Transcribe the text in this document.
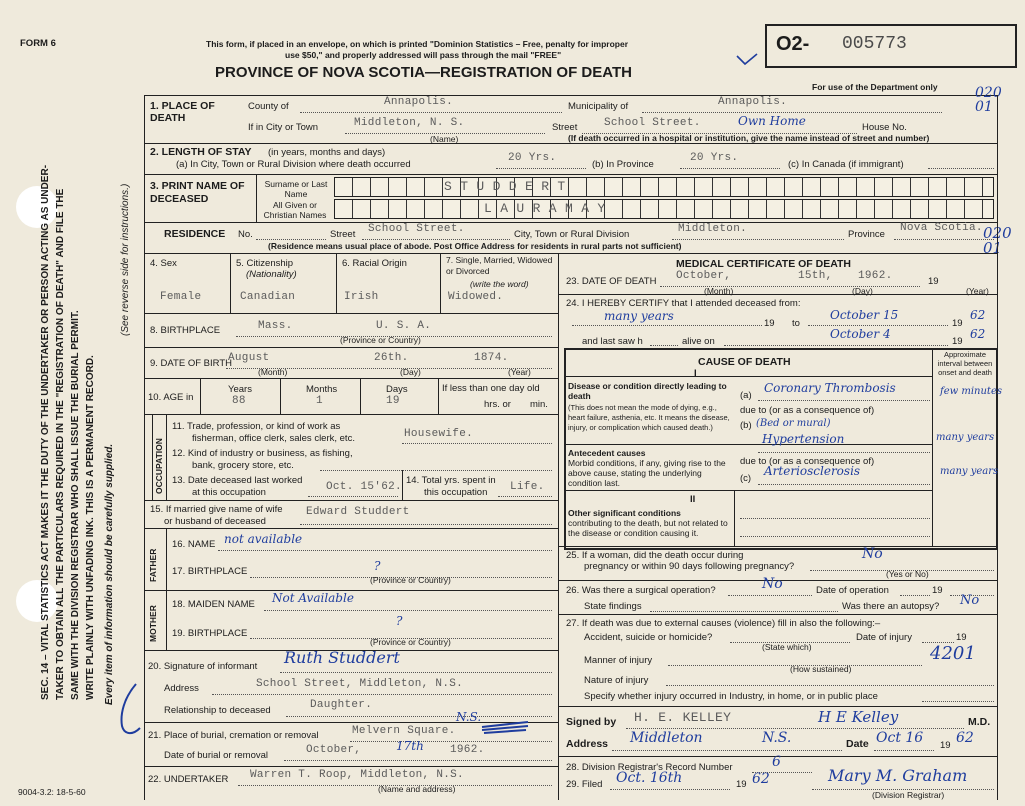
SEC. 14 – VITAL STATISTICS ACT MAKES IT THE DUTY OF THE UNDERTAKER OR PERSON ACTING AS UNDER- TAKER TO OBTAIN ALL THE PARTICULARS REQUIRED IN THE "REGISTRATION OF DEATH" AND FILE THE SAME WITH THE DIVISION REGISTRAR WHO SHALL ISSUE THE BURIAL PERMIT. WRITE PLAINLY WITH UNFADING INK. THIS IS A PERMANENT RECORD. Every item of information should be carefully supplied.
(See reverse side for instructions.)
FORM 6	This form, if placed in an envelope, on which is printed "Dominion Statistics – Free, penalty for improper
use $50," and properly addressed will pass through the mail "FREE"
PROVINCE OF NOVA SCOTIA—REGISTRATION OF DEATH
O2- 005773
For use of the Department only
1. PLACE OF DEATH
County of	Annapolis.	Municipality of	Annapolis.
020 01
If in City or Town	Middleton, N. S.
(Name)
Street School Street.	Own Home	House No.
(If death occurred in a hospital or institution, give the name instead of street and number)
2. LENGTH OF STAY (in years, months and days)
(a) In City, Town or Rural Division where death occurred
20 Yrs.
(b) In Province
20 Yrs.
(c) In Canada (if immigrant)
3. PRINT NAME OF DECEASED
Surname or Last Name
All Given or Christian Names
S T U D D E R T
L A U R A M A Y
RESIDENCE No.	Street School Street.	City, Town or Rural Division	Middleton.	Province
Nova Scotia.
(Residence means usual place of abode. Post Office Address for residents in rural parts not sufficient)
020 01
4. Sex
Female
5. Citizenship
(Nationality)
Canadian
6. Racial Origin
Irish
7. Single, Married, Widowed or Divorced
(write the word)
Widowed.
8. BIRTHPLACE	Mass.	U. S. A.
(Province or Country)
9. DATE OF BIRTH
August	26th.	1874.
(Month)	(Day)	(Year)
10. AGE in
Years	Months	Days
88	1	19
If less than one day old
hrs. or min.
OCCUPATION
11. Trade, profession, or kind of work as
fisherman, office clerk, sales clerk, etc.	Housewife.
12. Kind of industry or business, as fishing,
bank, grocery store, etc.
13. Date deceased last worked
at this occupation	Oct. 15'62.
14. Total yrs. spent in
this occupation Life.
15. If married give name of wife
or husband of deceased
Edward Studdert
FATHER
16. NAME not available
17. BIRTHPLACE	?
(Province or Country)
MOTHER
18. MAIDEN NAME Not Available
19. BIRTHPLACE
?
(Province or Country)
20. Signature of informant Ruth Studdert
Address	School Street, Middleton, N.S.
Relationship to deceased	Daughter.
21. Place of burial, cremation or removal	Melvern Square.
N.S.
Date of burial or removal	October,	17th 1962.
22. UNDERTAKER Warren T. Roop, Middleton, N.S.
(Name and address)
9004-3.2: 18-5-60
MEDICAL CERTIFICATE OF DEATH
23. DATE OF DEATH October,	15th, 1962.	19
(Month)	(Day)	(Year)
24. I HEREBY CERTIFY that I attended deceased from:
many years
19 to
October 15
19
62
and last saw h	alive on
October 4
19
62
CAUSE OF DEATH
Approximate interval between onset and death
I
Disease or condition directly leading to death
(This does not mean the mode of dying, e.g., heart failure, asthenia, etc. It means the disease, injury, or complication which caused death.)
(a)
Coronary Thrombosis	few minutes
due to (or as a consequence of)
(b) (Bed or mural)
Antecedent causes
Morbid conditions, if any, giving rise to the above cause, stating the underlying condition last.
Hypertension	many years
due to (or as a consequence of)
(c)
Arteriosclerosis	many years
II
Other significant conditions
contributing to the death, but not related to the disease or condition causing it.
25. If a woman, did the death occur during
pregnancy or within 90 days following pregnancy?
No
(Yes or No)
26. Was there a surgical operation?	No	Date of operation	19
State findings	Was there an autopsy? No
27. If death was due to external causes (violence) fill in also the following:–
Accident, suicide or homicide?
(State which)
Date of injury	19
Manner of injury
(How sustained)
4201
Nature of injury
Specify whether injury occurred in Industry, in home, or in public place
Signed by H. E. KELLEY	H E Kelley	M.D.
Address Middleton	N.S.	Date Oct 16 19 62
28. Division Registrar's Record Number	6
29. Filed Oct. 16th	19 62	Mary M. Graham
(Division Registrar)
